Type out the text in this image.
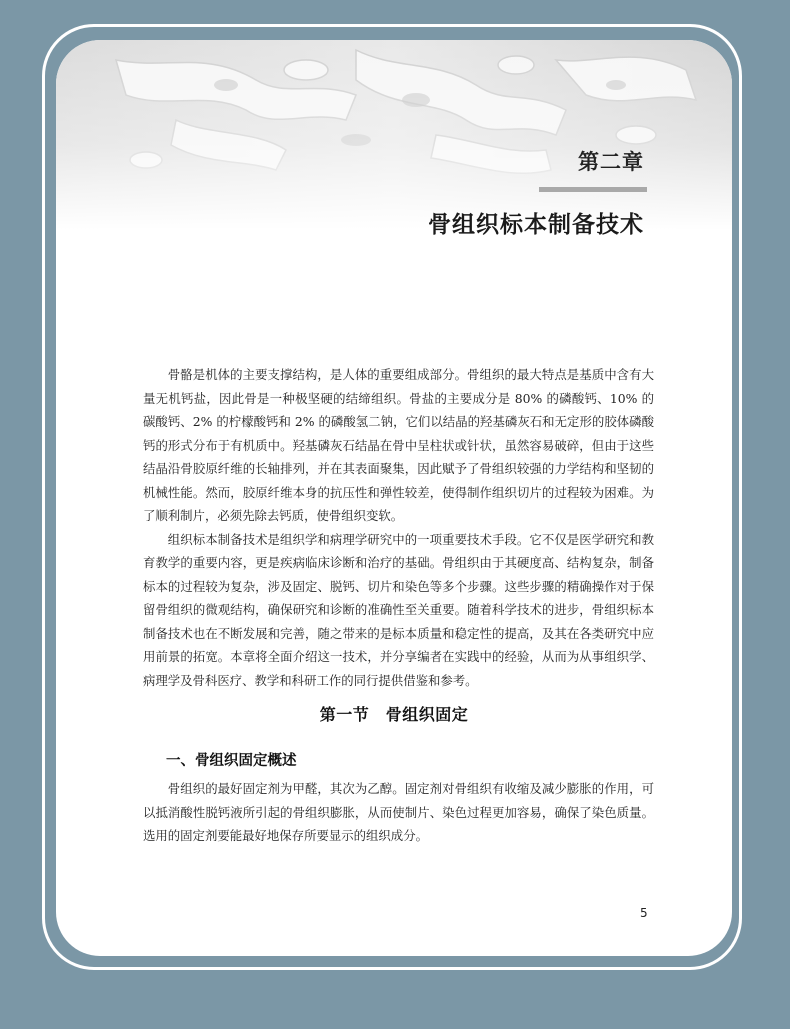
第二章
骨组织标本制备技术

骨骼是机体的主要支撑结构，是人体的重要组成部分。骨组织的最大特点是基质中含有大量无机钙盐，因此骨是一种极坚硬的结缔组织。骨盐的主要成分是 80% 的磷酸钙、10% 的碳酸钙、2% 的柠檬酸钙和 2% 的磷酸氢二钠，它们以结晶的羟基磷灰石和无定形的胶体磷酸钙的形式分布于有机质中。羟基磷灰石结晶在骨中呈柱状或针状，虽然容易破碎，但由于这些结晶沿骨胶原纤维的长轴排列，并在其表面聚集，因此赋予了骨组织较强的力学结构和坚韧的机械性能。然而，胶原纤维本身的抗压性和弹性较差，使得制作组织切片的过程较为困难。为了顺利制片，必须先除去钙质，使骨组织变软。

组织标本制备技术是组织学和病理学研究中的一项重要技术手段。它不仅是医学研究和教育教学的重要内容，更是疾病临床诊断和治疗的基础。骨组织由于其硬度高、结构复杂，制备标本的过程较为复杂，涉及固定、脱钙、切片和染色等多个步骤。这些步骤的精确操作对于保留骨组织的微观结构，确保研究和诊断的准确性至关重要。随着科学技术的进步，骨组织标本制备技术也在不断发展和完善，随之带来的是标本质量和稳定性的提高，及其在各类研究中应用前景的拓宽。本章将全面介绍这一技术，并分享编者在实践中的经验，从而为从事组织学、病理学及骨科医疗、教学和科研工作的同行提供借鉴和参考。

第一节　骨组织固定
一、骨组织固定概述

骨组织的最好固定剂为甲醛，其次为乙醇。固定剂对骨组织有收缩及减少膨胀的作用，可以抵消酸性脱钙液所引起的骨组织膨胀，从而使制片、染色过程更加容易，确保了染色质量。选用的固定剂要能最好地保存所要显示的组织成分。

5
